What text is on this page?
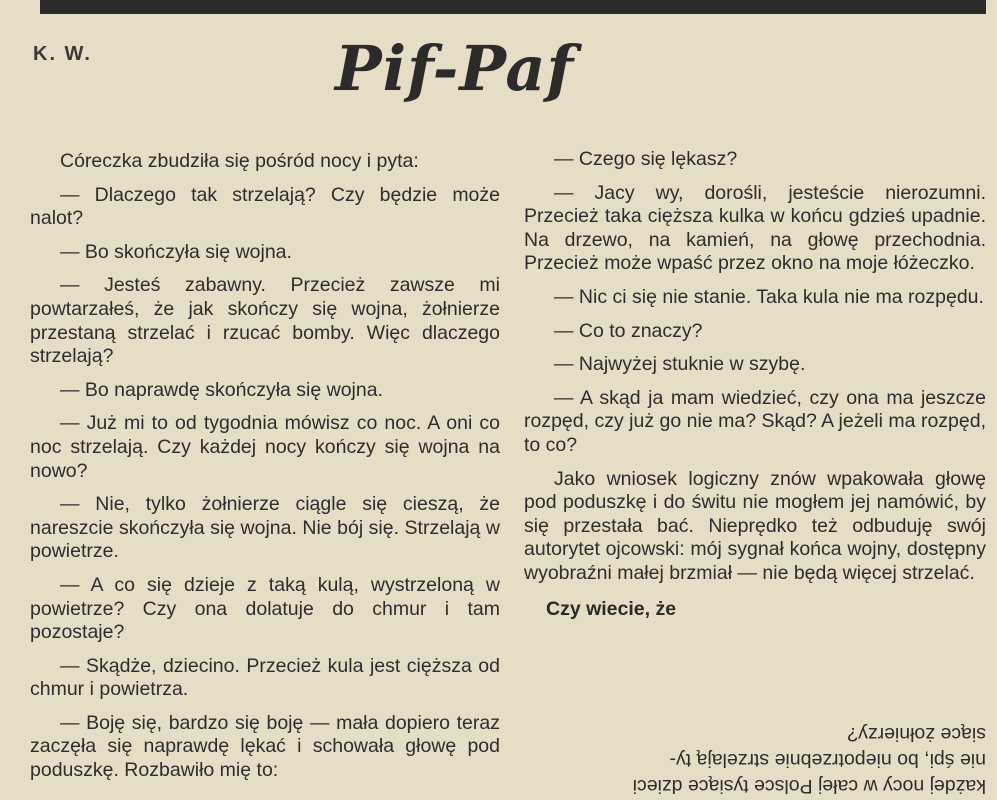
K. W.	Pif-Paf

Córeczka zbudziła się pośród nocy i pyta:

— Dlaczego tak strzelają? Czy będzie może nalot?

— Bo skończyła się wojna.

— Jesteś zabawny. Przecież zawsze mi powtarzałeś, że jak skończy się wojna, żołnierze przestaną strzelać i rzucać bomby. Więc dlaczego strzelają?

— Bo naprawdę skończyła się wojna.

— Już mi to od tygodnia mówisz co noc. A oni co noc strzelają. Czy każdej nocy kończy się wojna na nowo?

— Nie, tylko żołnierze ciągle się cieszą, że nareszcie skończyła się wojna. Nie bój się. Strzelają w powietrze.

— A co się dzieje z taką kulą, wystrzeloną w powietrze? Czy ona dolatuje do chmur i tam pozostaje?

— Skądże, dziecino. Przecież kula jest cięższa od chmur i powietrza.

— Boję się, bardzo się boję — mała dopiero teraz zaczęła się naprawdę lękać i schowała głowę pod poduszkę. Rozbawiło mię to:

— Czego się lękasz?

— Jacy wy, dorośli, jesteście nierozumni. Przecież taka cięższa kulka w końcu gdzieś upadnie. Na drzewo, na kamień, na głowę przechodnia. Przecież może wpaść przez okno na moje łóżeczko.

— Nic ci się nie stanie. Taka kula nie ma rozpędu.

— Co to znaczy?

— Najwyżej stuknie w szybę.

— A skąd ja mam wiedzieć, czy ona ma jeszcze rozpęd, czy już go nie ma? Skąd? A jeżeli ma rozpęd, to co?

Jako wniosek logiczny znów wpakowała głowę pod poduszkę i do świtu nie mogłem jej namówić, by się przestała bać. Nieprędko też odbuduję swój autorytet ojcowski: mój sygnał końca wojny, dostępny wyobraźni małej brzmiał — nie będą więcej strzelać.

Czy wiecie, że
każdej nocy w całej Polsce tysiące dzieci
nie śpi, bo niepotrzebnie strzelają ty-
siące żołnierzy?
